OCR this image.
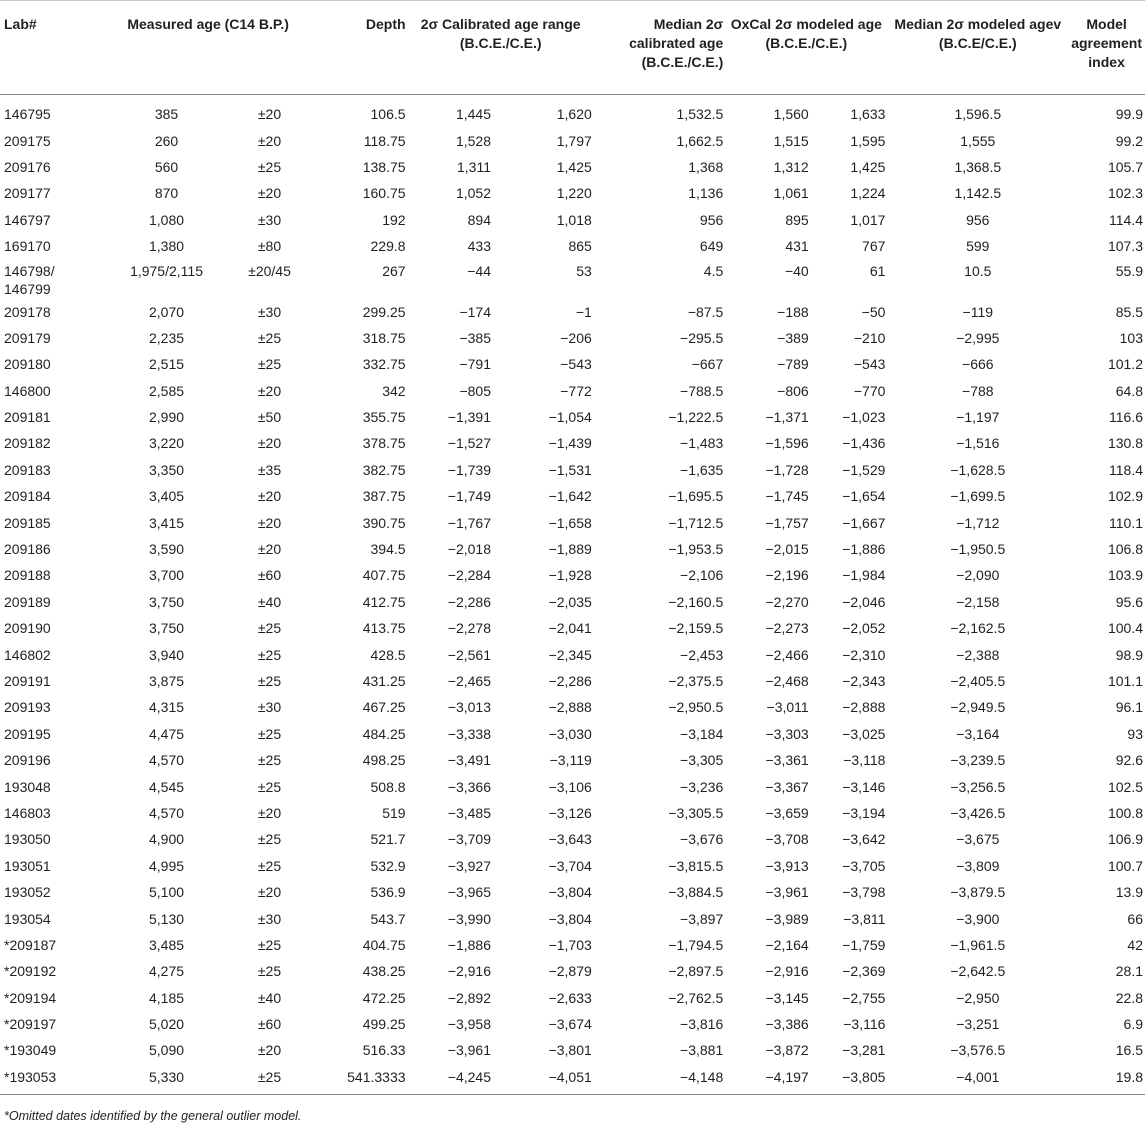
Lab#	Measured age (C14 B.P.)		Depth	2σ Calibrated age range (B.C.E./C.E.)		Median 2σ calibrated age (B.C.E./C.E.)	OxCal 2σ modeled age (B.C.E./C.E.)		Median 2σ modeled agev (B.C.E/C.E.)	Model agreement index
146795	385	±20	106.5	1,445	1,620	1,532.5	1,560	1,633	1,596.5	99.9
209175	260	±20	118.75	1,528	1,797	1,662.5	1,515	1,595	1,555	99.2
209176	560	±25	138.75	1,311	1,425	1,368	1,312	1,425	1,368.5	105.7
209177	870	±20	160.75	1,052	1,220	1,136	1,061	1,224	1,142.5	102.3
146797	1,080	±30	192	894	1,018	956	895	1,017	956	114.4
169170	1,380	±80	229.8	433	865	649	431	767	599	107.3
146798/ 146799	1,975/2,115	±20/45	267	−44	53	4.5	−40	61	10.5	55.9
209178	2,070	±30	299.25	−174	−1	−87.5	−188	−50	−119	85.5
209179	2,235	±25	318.75	−385	−206	−295.5	−389	−210	−2,995	103
209180	2,515	±25	332.75	−791	−543	−667	−789	−543	−666	101.2
146800	2,585	±20	342	−805	−772	−788.5	−806	−770	−788	64.8
209181	2,990	±50	355.75	−1,391	−1,054	−1,222.5	−1,371	−1,023	−1,197	116.6
209182	3,220	±20	378.75	−1,527	−1,439	−1,483	−1,596	−1,436	−1,516	130.8
209183	3,350	±35	382.75	−1,739	−1,531	−1,635	−1,728	−1,529	−1,628.5	118.4
209184	3,405	±20	387.75	−1,749	−1,642	−1,695.5	−1,745	−1,654	−1,699.5	102.9
209185	3,415	±20	390.75	−1,767	−1,658	−1,712.5	−1,757	−1,667	−1,712	110.1
209186	3,590	±20	394.5	−2,018	−1,889	−1,953.5	−2,015	−1,886	−1,950.5	106.8
209188	3,700	±60	407.75	−2,284	−1,928	−2,106	−2,196	−1,984	−2,090	103.9
209189	3,750	±40	412.75	−2,286	−2,035	−2,160.5	−2,270	−2,046	−2,158	95.6
209190	3,750	±25	413.75	−2,278	−2,041	−2,159.5	−2,273	−2,052	−2,162.5	100.4
146802	3,940	±25	428.5	−2,561	−2,345	−2,453	−2,466	−2,310	−2,388	98.9
209191	3,875	±25	431.25	−2,465	−2,286	−2,375.5	−2,468	−2,343	−2,405.5	101.1
209193	4,315	±30	467.25	−3,013	−2,888	−2,950.5	−3,011	−2,888	−2,949.5	96.1
209195	4,475	±25	484.25	−3,338	−3,030	−3,184	−3,303	−3,025	−3,164	93
209196	4,570	±25	498.25	−3,491	−3,119	−3,305	−3,361	−3,118	−3,239.5	92.6
193048	4,545	±25	508.8	−3,366	−3,106	−3,236	−3,367	−3,146	−3,256.5	102.5
146803	4,570	±20	519	−3,485	−3,126	−3,305.5	−3,659	−3,194	−3,426.5	100.8
193050	4,900	±25	521.7	−3,709	−3,643	−3,676	−3,708	−3,642	−3,675	106.9
193051	4,995	±25	532.9	−3,927	−3,704	−3,815.5	−3,913	−3,705	−3,809	100.7
193052	5,100	±20	536.9	−3,965	−3,804	−3,884.5	−3,961	−3,798	−3,879.5	13.9
193054	5,130	±30	543.7	−3,990	−3,804	−3,897	−3,989	−3,811	−3,900	66
*209187	3,485	±25	404.75	−1,886	−1,703	−1,794.5	−2,164	−1,759	−1,961.5	42
*209192	4,275	±25	438.25	−2,916	−2,879	−2,897.5	−2,916	−2,369	−2,642.5	28.1
*209194	4,185	±40	472.25	−2,892	−2,633	−2,762.5	−3,145	−2,755	−2,950	22.8
*209197	5,020	±60	499.25	−3,958	−3,674	−3,816	−3,386	−3,116	−3,251	6.9
*193049	5,090	±20	516.33	−3,961	−3,801	−3,881	−3,872	−3,281	−3,576.5	16.5
*193053	5,330	±25	541.3333	−4,245	−4,051	−4,148	−4,197	−3,805	−4,001	19.8
*Omitted dates identified by the general outlier model.
